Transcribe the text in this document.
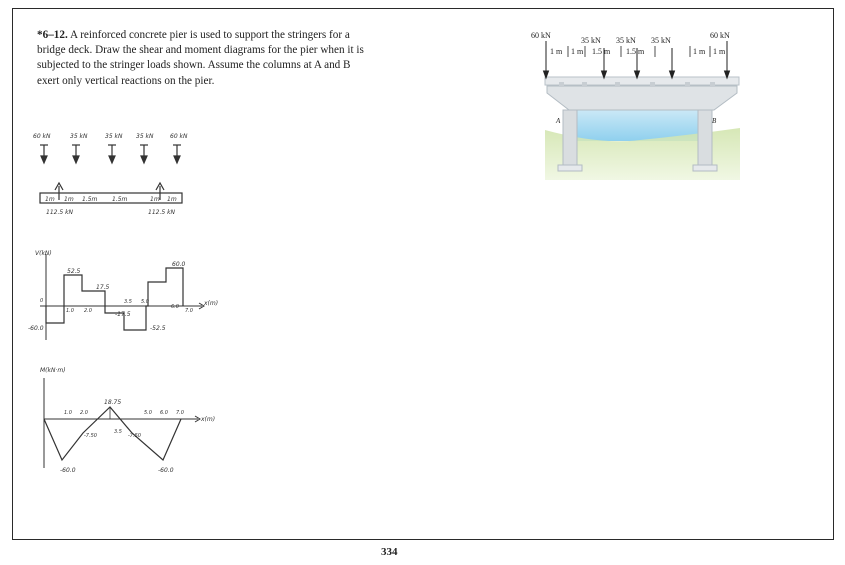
*6–12. A reinforced concrete pier is used to support the stringers for a bridge deck. Draw the shear and moment diagrams for the pier when it is subjected to the stringer loads shown. Assume the columns at A and B exert only vertical reactions on the pier.
60 kN	35 kN	35 kN 35 kN	60 kN
1m 1m 1.5m 1.5m	1m 1m
112.5 kN	112.5 kN
V(kN)
52.5
17.5
60.0
-17.5
-52.5
-60.0
0
1.0 2.0
3.5 5.0
6.0
7.0
x(m)
M(kN·m)
18.75
-7.50	-7.50
-60.0	-60.0
1.0 2.0
3.5
5.0 6.0 7.0
x(m)
60 kN
35 kN 35 kN 35 kN
60 kN
1 m 1 m 1.5 m 1.5 m	1 m 1 m
A	B
334
